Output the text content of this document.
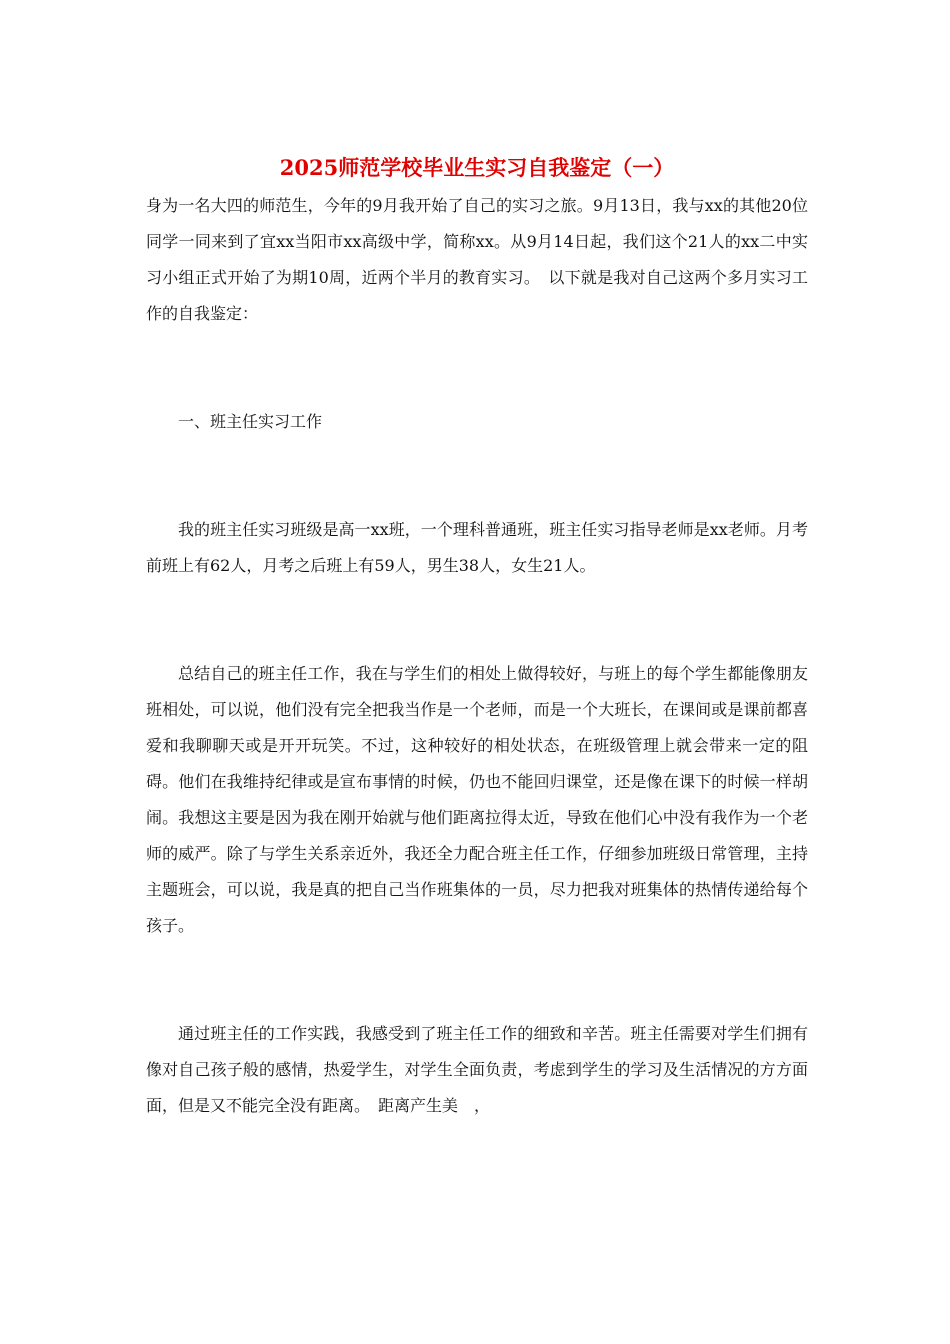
2025师范学校毕业生实习自我鉴定（一）

身为一名大四的师范生，今年的9月我开始了自己的实习之旅。9月13日，我与xx的其他20位同学一同来到了宜xx当阳市xx高级中学，简称xx。从9月14日起，我们这个21人的xx二中实习小组正式开始了为期10周，近两个半月的教育实习。　以下就是我对自己这两个多月实习工作的自我鉴定：

一、班主任实习工作

我的班主任实习班级是高一xx班，一个理科普通班，班主任实习指导老师是xx老师。月考前班上有62人，月考之后班上有59人，男生38人，女生21人。

总结自己的班主任工作，我在与学生们的相处上做得较好，与班上的每个学生都能像朋友班相处，可以说，他们没有完全把我当作是一个老师，而是一个大班长，在课间或是课前都喜爱和我聊聊天或是开开玩笑。不过，这种较好的相处状态，在班级管理上就会带来一定的阻碍。他们在我维持纪律或是宣布事情的时候，仍也不能回归课堂，还是像在课下的时候一样胡闹。我想这主要是因为我在刚开始就与他们距离拉得太近，导致在他们心中没有我作为一个老师的威严。除了与学生关系亲近外，我还全力配合班主任工作，仔细参加班级日常管理，主持主题班会，可以说，我是真的把自己当作班集体的一员，尽力把我对班集体的热情传递给每个孩子。

通过班主任的工作实践，我感受到了班主任工作的细致和辛苦。班主任需要对学生们拥有像对自己孩子般的感情，热爱学生，对学生全面负责，考虑到学生的学习及生活情况的方方面面，但是又不能完全没有距离。　距离产生美　，
